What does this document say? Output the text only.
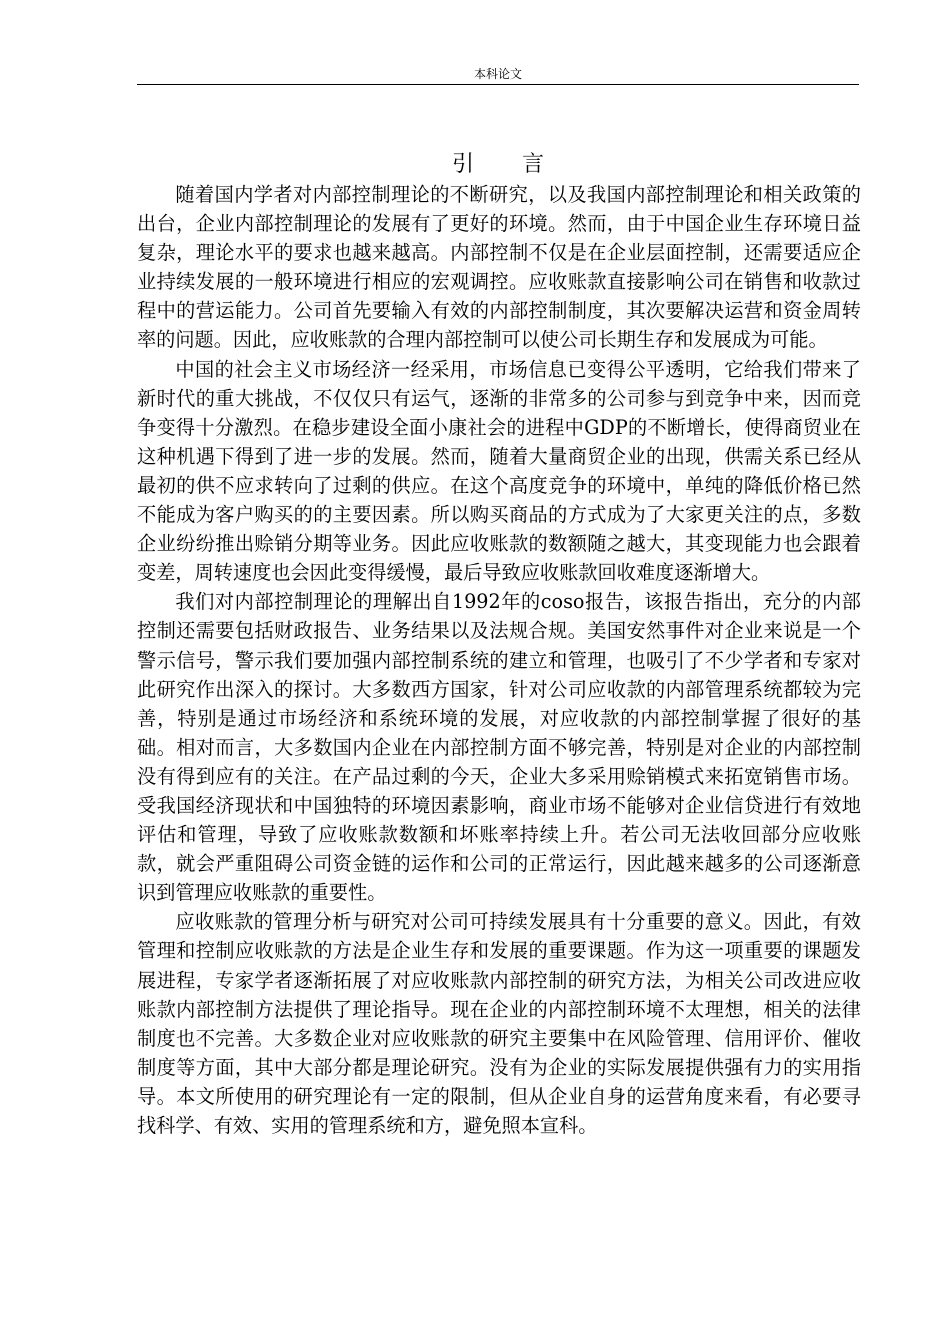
本科论文
引言

随着国内学者对内部控制理论的不断研究，以及我国内部控制理论和相关政策的出台，企业内部控制理论的发展有了更好的环境。然而，由于中国企业生存环境日益复杂，理论水平的要求也越来越高。内部控制不仅是在企业层面控制，还需要适应企业持续发展的一般环境进行相应的宏观调控。应收账款直接影响公司在销售和收款过程中的营运能力。公司首先要输入有效的内部控制制度，其次要解决运营和资金周转率的问题。因此，应收账款的合理内部控制可以使公司长期生存和发展成为可能。

中国的社会主义市场经济一经采用，市场信息已变得公平透明，它给我们带来了新时代的重大挑战，不仅仅只有运气，逐渐的非常多的公司参与到竞争中来，因而竞争变得十分激烈。在稳步建设全面小康社会的进程中GDP的不断增长，使得商贸业在这种机遇下得到了进一步的发展。然而，随着大量商贸企业的出现，供需关系已经从最初的供不应求转向了过剩的供应。在这个高度竞争的环境中，单纯的降低价格已然不能成为客户购买的的主要因素。所以购买商品的方式成为了大家更关注的点，多数企业纷纷推出赊销分期等业务。因此应收账款的数额随之越大，其变现能力也会跟着变差，周转速度也会因此变得缓慢，最后导致应收账款回收难度逐渐增大。

我们对内部控制理论的理解出自1992年的coso报告，该报告指出，充分的内部控制还需要包括财政报告、业务结果以及法规合规。美国安然事件对企业来说是一个警示信号，警示我们要加强内部控制系统的建立和管理，也吸引了不少学者和专家对此研究作出深入的探讨。大多数西方国家，针对公司应收款的内部管理系统都较为完善，特别是通过市场经济和系统环境的发展，对应收款的内部控制掌握了很好的基础。相对而言，大多数国内企业在内部控制方面不够完善，特别是对企业的内部控制没有得到应有的关注。在产品过剩的今天，企业大多采用赊销模式来拓宽销售市场。受我国经济现状和中国独特的环境因素影响，商业市场不能够对企业信贷进行有效地评估和管理，导致了应收账款数额和坏账率持续上升。若公司无法收回部分应收账款，就会严重阻碍公司资金链的运作和公司的正常运行，因此越来越多的公司逐渐意识到管理应收账款的重要性。

应收账款的管理分析与研究对公司可持续发展具有十分重要的意义。因此，有效管理和控制应收账款的方法是企业生存和发展的重要课题。作为这一项重要的课题发展进程，专家学者逐渐拓展了对应收账款内部控制的研究方法，为相关公司改进应收账款内部控制方法提供了理论指导。现在企业的内部控制环境不太理想，相关的法律制度也不完善。大多数企业对应收账款的研究主要集中在风险管理、信用评价、催收制度等方面，其中大部分都是理论研究。没有为企业的实际发展提供强有力的实用指导。本文所使用的研究理论有一定的限制，但从企业自身的运营角度来看，有必要寻找科学、有效、实用的管理系统和方，避免照本宣科。
